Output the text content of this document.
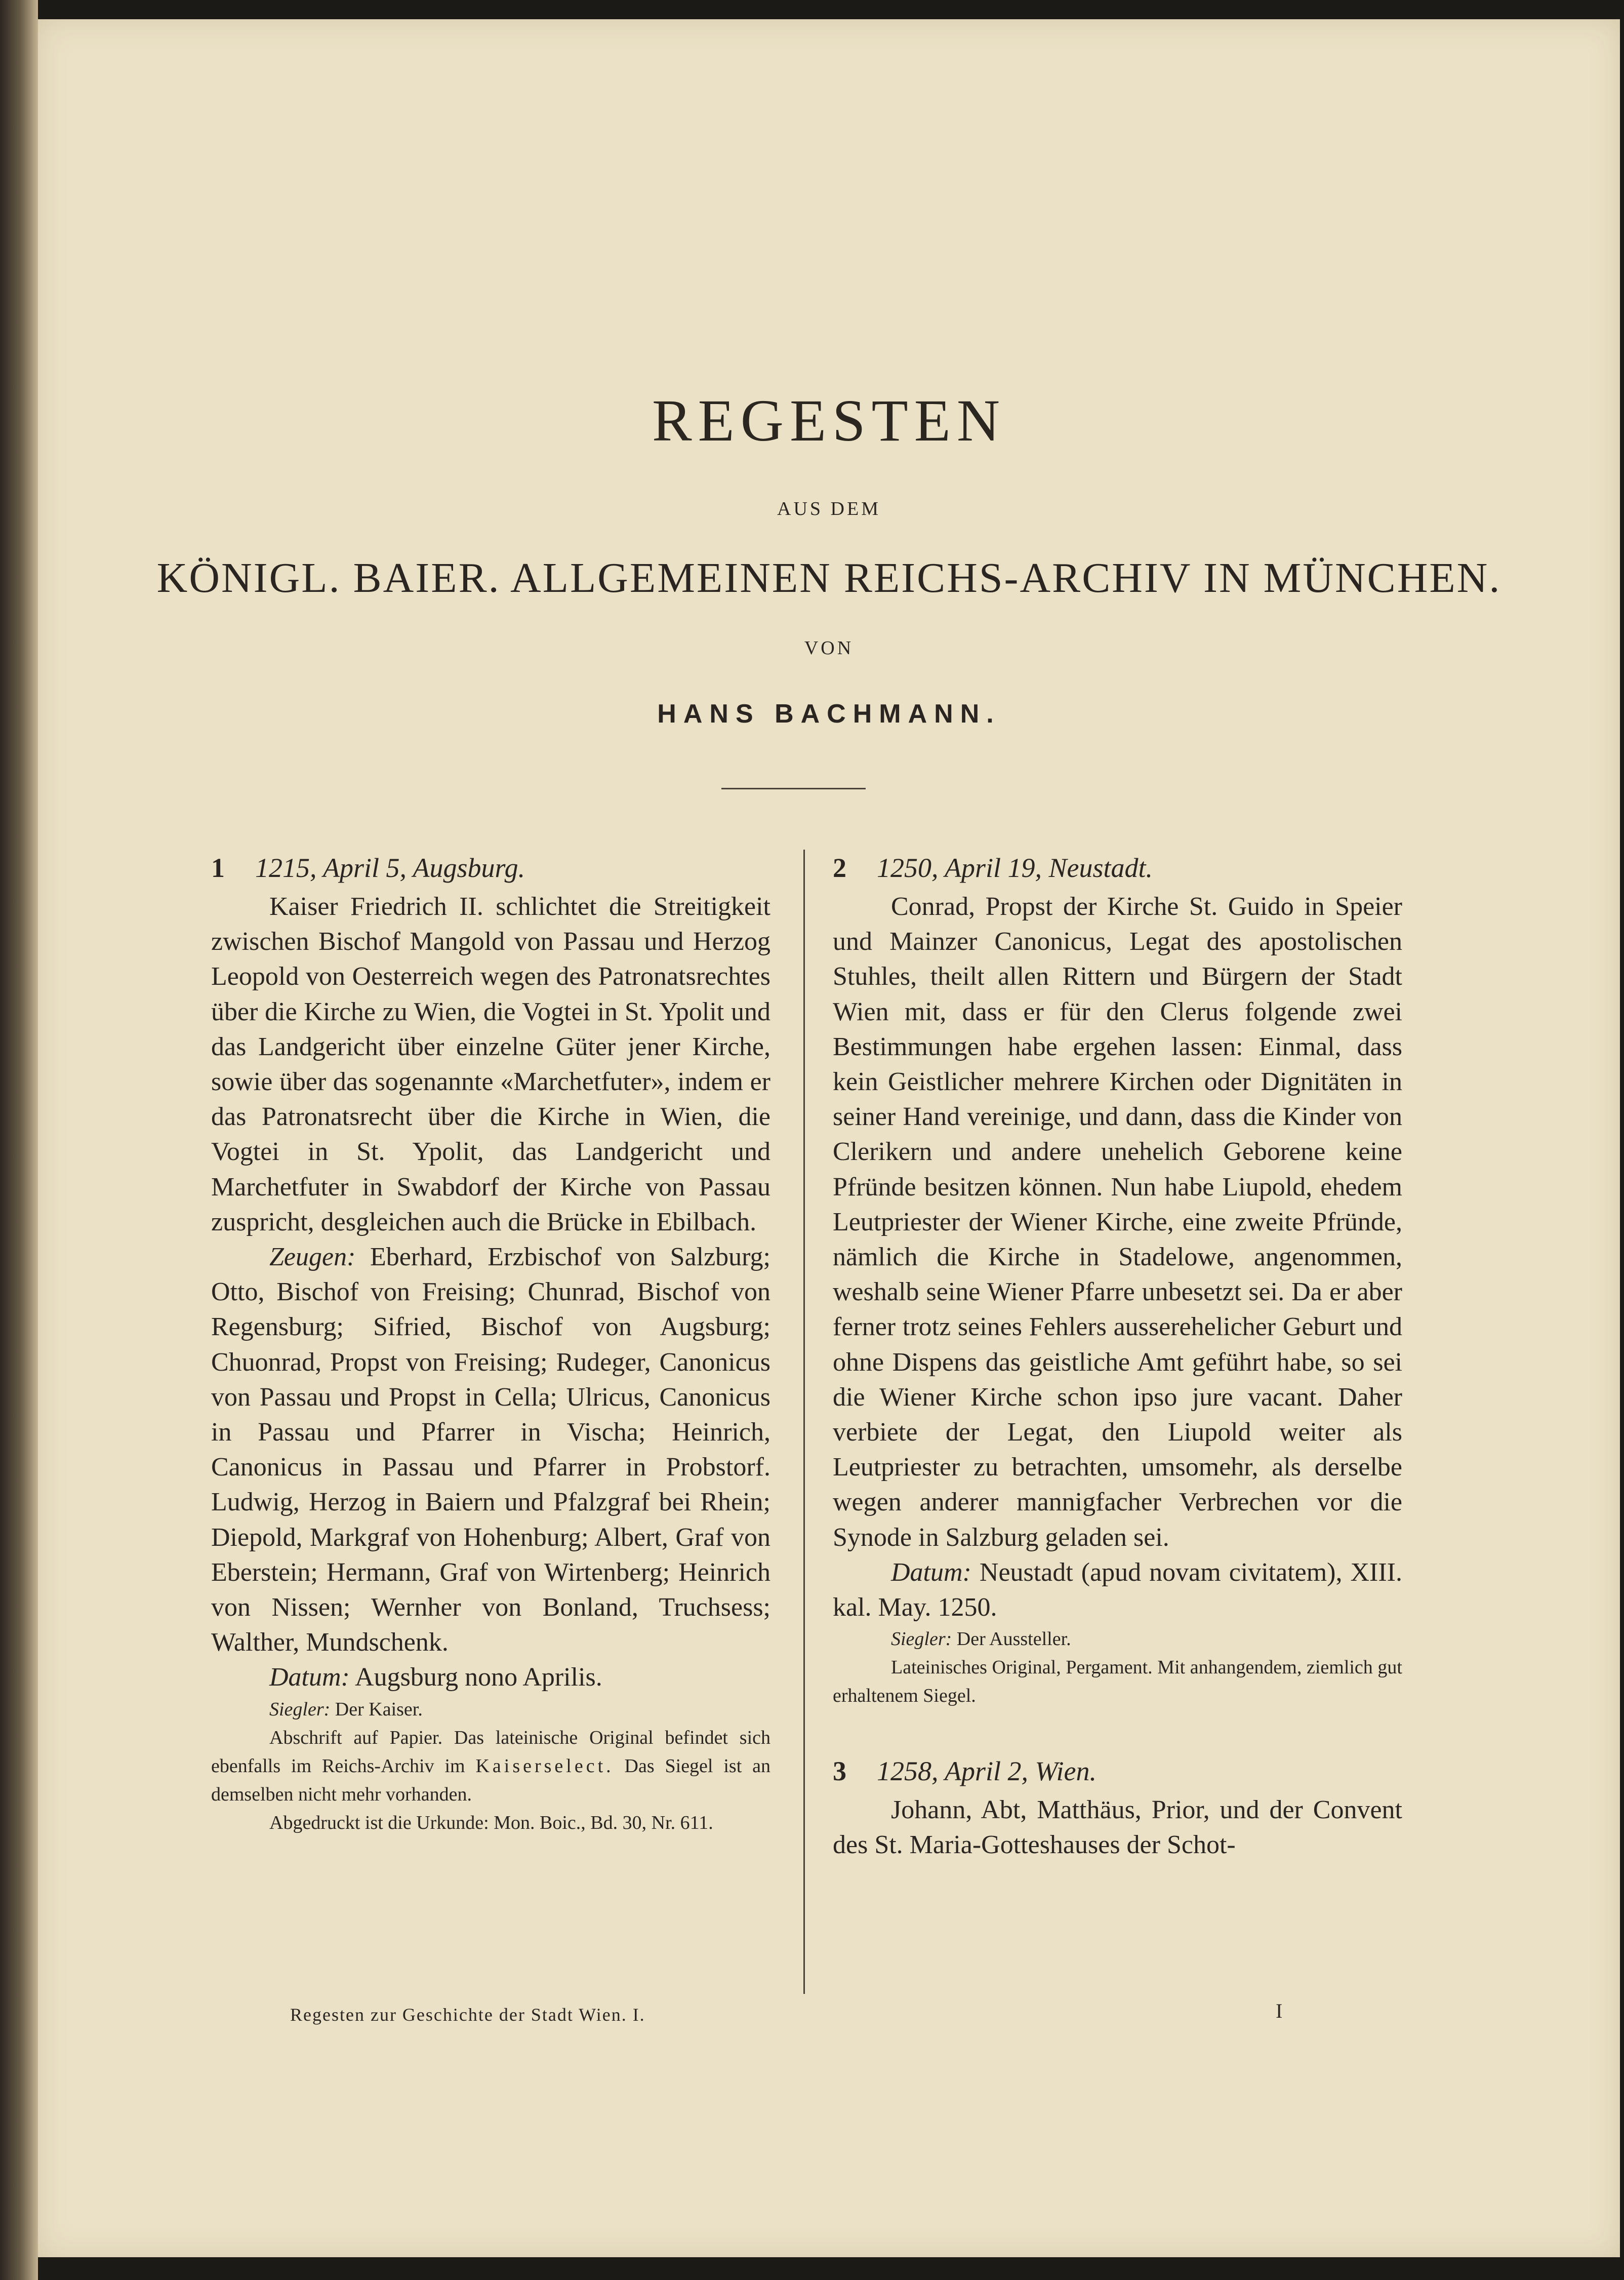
REGESTEN
AUS DEM
KÖNIGL. BAIER. ALLGEMEINEN REICHS-ARCHIV IN MÜNCHEN.
VON
HANS BACHMANN.
1 1215, April 5, Augsburg.

Kaiser Friedrich II. schlichtet die Streitigkeit zwischen Bischof Mangold von Passau und Herzog Leopold von Oesterreich wegen des Patronatsrechtes über die Kirche zu Wien, die Vogtei in St. Ypolit und das Landgericht über einzelne Güter jener Kirche, sowie über das sogenannte «Marchetfuter», indem er das Patronatsrecht über die Kirche in Wien, die Vogtei in St. Ypolit, das Landgericht und Marchetfuter in Swabdorf der Kirche von Passau zuspricht, desgleichen auch die Brücke in Ebilbach.

Zeugen: Eberhard, Erzbischof von Salzburg; Otto, Bischof von Freising; Chunrad, Bischof von Regensburg; Sifried, Bischof von Augsburg; Chuonrad, Propst von Freising; Rudeger, Canonicus von Passau und Propst in Cella; Ulricus, Canonicus in Passau und Pfarrer in Vischa; Heinrich, Canonicus in Passau und Pfarrer in Probstorf. Ludwig, Herzog in Baiern und Pfalzgraf bei Rhein; Diepold, Markgraf von Hohenburg; Albert, Graf von Eberstein; Hermann, Graf von Wirtenberg; Heinrich von Nissen; Wernher von Bonland, Truchsess; Walther, Mundschenk.

Datum: Augsburg nono Aprilis.

Siegler: Der Kaiser.

Abschrift auf Papier. Das lateinische Original befindet sich ebenfalls im Reichs-Archiv im Kaiserselect. Das Siegel ist an demselben nicht mehr vorhanden.

Abgedruckt ist die Urkunde: Mon. Boic., Bd. 30, Nr. 611.

2 1250, April 19, Neustadt.

Conrad, Propst der Kirche St. Guido in Speier und Mainzer Canonicus, Legat des apostolischen Stuhles, theilt allen Rittern und Bürgern der Stadt Wien mit, dass er für den Clerus folgende zwei Bestimmungen habe ergehen lassen: Einmal, dass kein Geistlicher mehrere Kirchen oder Dignitäten in seiner Hand vereinige, und dann, dass die Kinder von Clerikern und andere unehelich Geborene keine Pfründe besitzen können. Nun habe Liupold, ehedem Leutpriester der Wiener Kirche, eine zweite Pfründe, nämlich die Kirche in Stadelowe, angenommen, weshalb seine Wiener Pfarre unbesetzt sei. Da er aber ferner trotz seines Fehlers ausserehelicher Geburt und ohne Dispens das geistliche Amt geführt habe, so sei die Wiener Kirche schon ipso jure vacant. Daher verbiete der Legat, den Liupold weiter als Leutpriester zu betrachten, umsomehr, als derselbe wegen anderer mannigfacher Verbrechen vor die Synode in Salzburg geladen sei.

Datum: Neustadt (apud novam civitatem), XIII. kal. May. 1250.

Siegler: Der Aussteller.

Lateinisches Original, Pergament. Mit anhangendem, ziemlich gut erhaltenem Siegel.

3 1258, April 2, Wien.

Johann, Abt, Matthäus, Prior, und der Convent des St. Maria-Gotteshauses der Schot-

Regesten zur Geschichte der Stadt Wien. I.	I
